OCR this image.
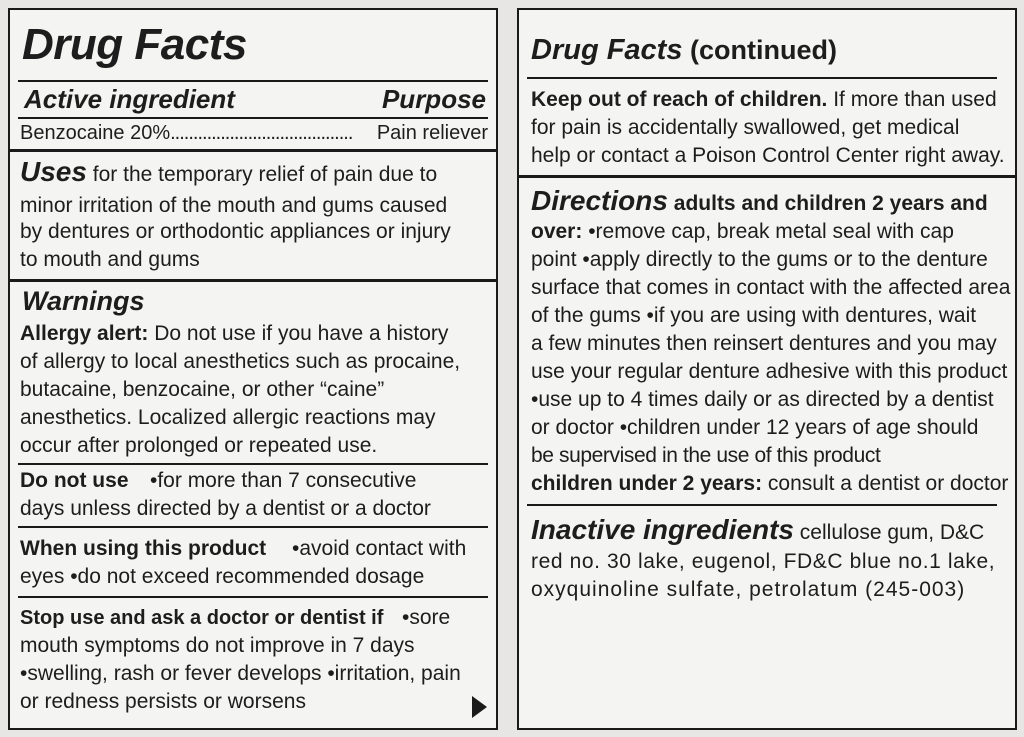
Drug Facts
Active ingredient	Purpose
Benzocaine 20%........................................ Pain reliever
Uses for the temporary relief of pain due to
minor irritation of the mouth and gums caused
by dentures or orthodontic appliances or injury
to mouth and gums
Warnings
Allergy alert: Do not use if you have a history
of allergy to local anesthetics such as procaine,
butacaine, benzocaine, or other “caine”
anesthetics. Localized allergic reactions may
occur after prolonged or repeated use.
Do not use •for more than 7 consecutive
days unless directed by a dentist or a doctor
When using this product •avoid contact with
eyes •do not exceed recommended dosage
Stop use and ask a doctor or dentist if •sore
mouth symptoms do not improve in 7 days
•swelling, rash or fever develops •irritation, pain
or redness persists or worsens
Drug Facts (continued)
Keep out of reach of children. If more than used
for pain is accidentally swallowed, get medical
help or contact a Poison Control Center right away.
Directions adults and children 2 years and
over: •remove cap, break metal seal with cap
point •apply directly to the gums or to the denture
surface that comes in contact with the affected area
of the gums •if you are using with dentures, wait
a few minutes then reinsert dentures and you may
use your regular denture adhesive with this product
•use up to 4 times daily or as directed by a dentist
or doctor •children under 12 years of age should
be supervised in the use of this product
children under 2 years: consult a dentist or doctor
Inactive ingredients cellulose gum, D&C
red no. 30 lake, eugenol, FD&C blue no.1 lake,
oxyquinoline sulfate, petrolatum (245-003)
